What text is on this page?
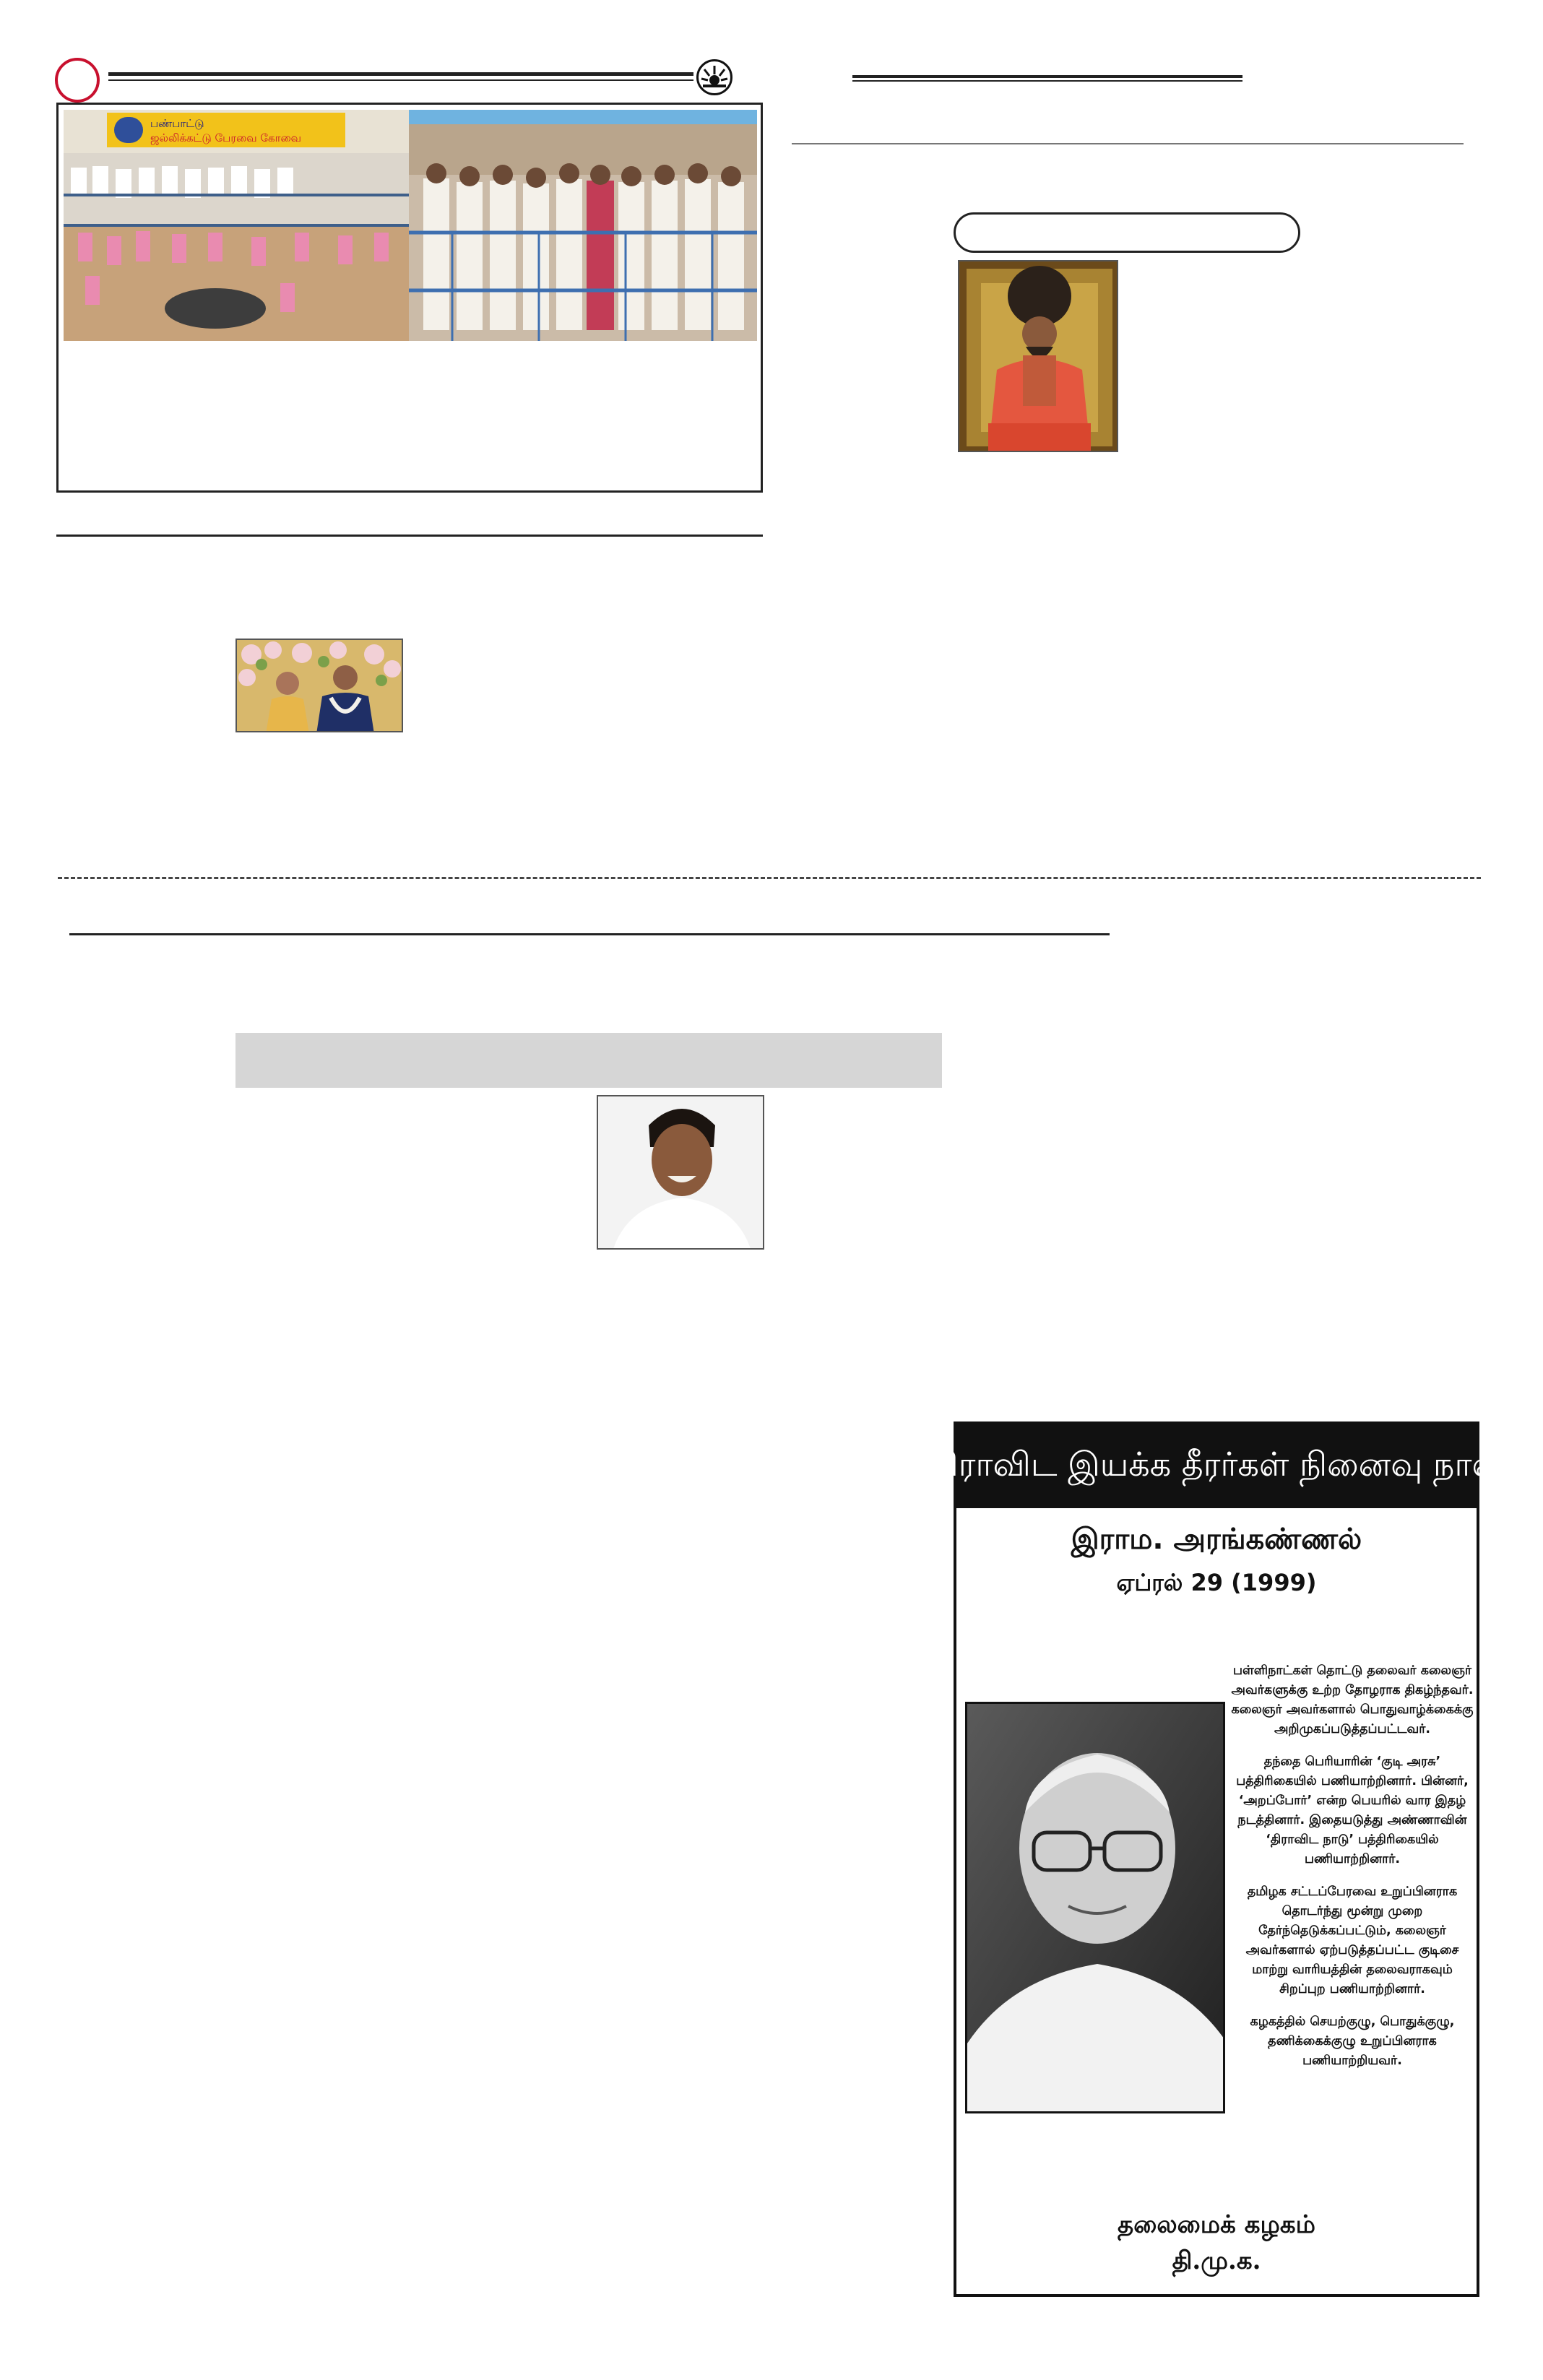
பண்பாட்டு
ஜல்லிக்கட்டு பேரவை கோவை
திராவிட இயக்க தீரர்கள் நினைவு நாள்
இராம. அரங்கண்ணல்
ஏப்ரல் 29 (1999)

பள்ளிநாட்கள் தொட்டு தலைவர் கலைஞர் அவர்களுக்கு உற்ற தோழராக திகழ்ந்தவர். கலைஞர் அவர்களால் பொதுவாழ்க்கைக்கு அறிமுகப்படுத்தப்பட்டவர்.

தந்தை பெரியாரின் ‘குடி அரசு’ பத்திரிகையில் பணியாற்றினார். பின்னர், ‘அறப்போர்’ என்ற பெயரில் வார இதழ் நடத்தினார். இதையடுத்து அண்ணாவின் ‘திராவிட நாடு’ பத்திரிகையில் பணியாற்றினார்.

தமிழக சட்டப்பேரவை உறுப்பினராக தொடர்ந்து மூன்று முறை தேர்ந்தெடுக்கப்பட்டும், கலைஞர் அவர்களால் ஏற்படுத்தப்பட்ட குடிசை மாற்று வாரியத்தின் தலைவராகவும் சிறப்புற பணியாற்றினார்.

கழகத்தில் செயற்குழு, பொதுக்குழு, தணிக்கைக்குழு உறுப்பினராக பணியாற்றியவர்.

தலைமைக் கழகம்
தி.மு.க.
